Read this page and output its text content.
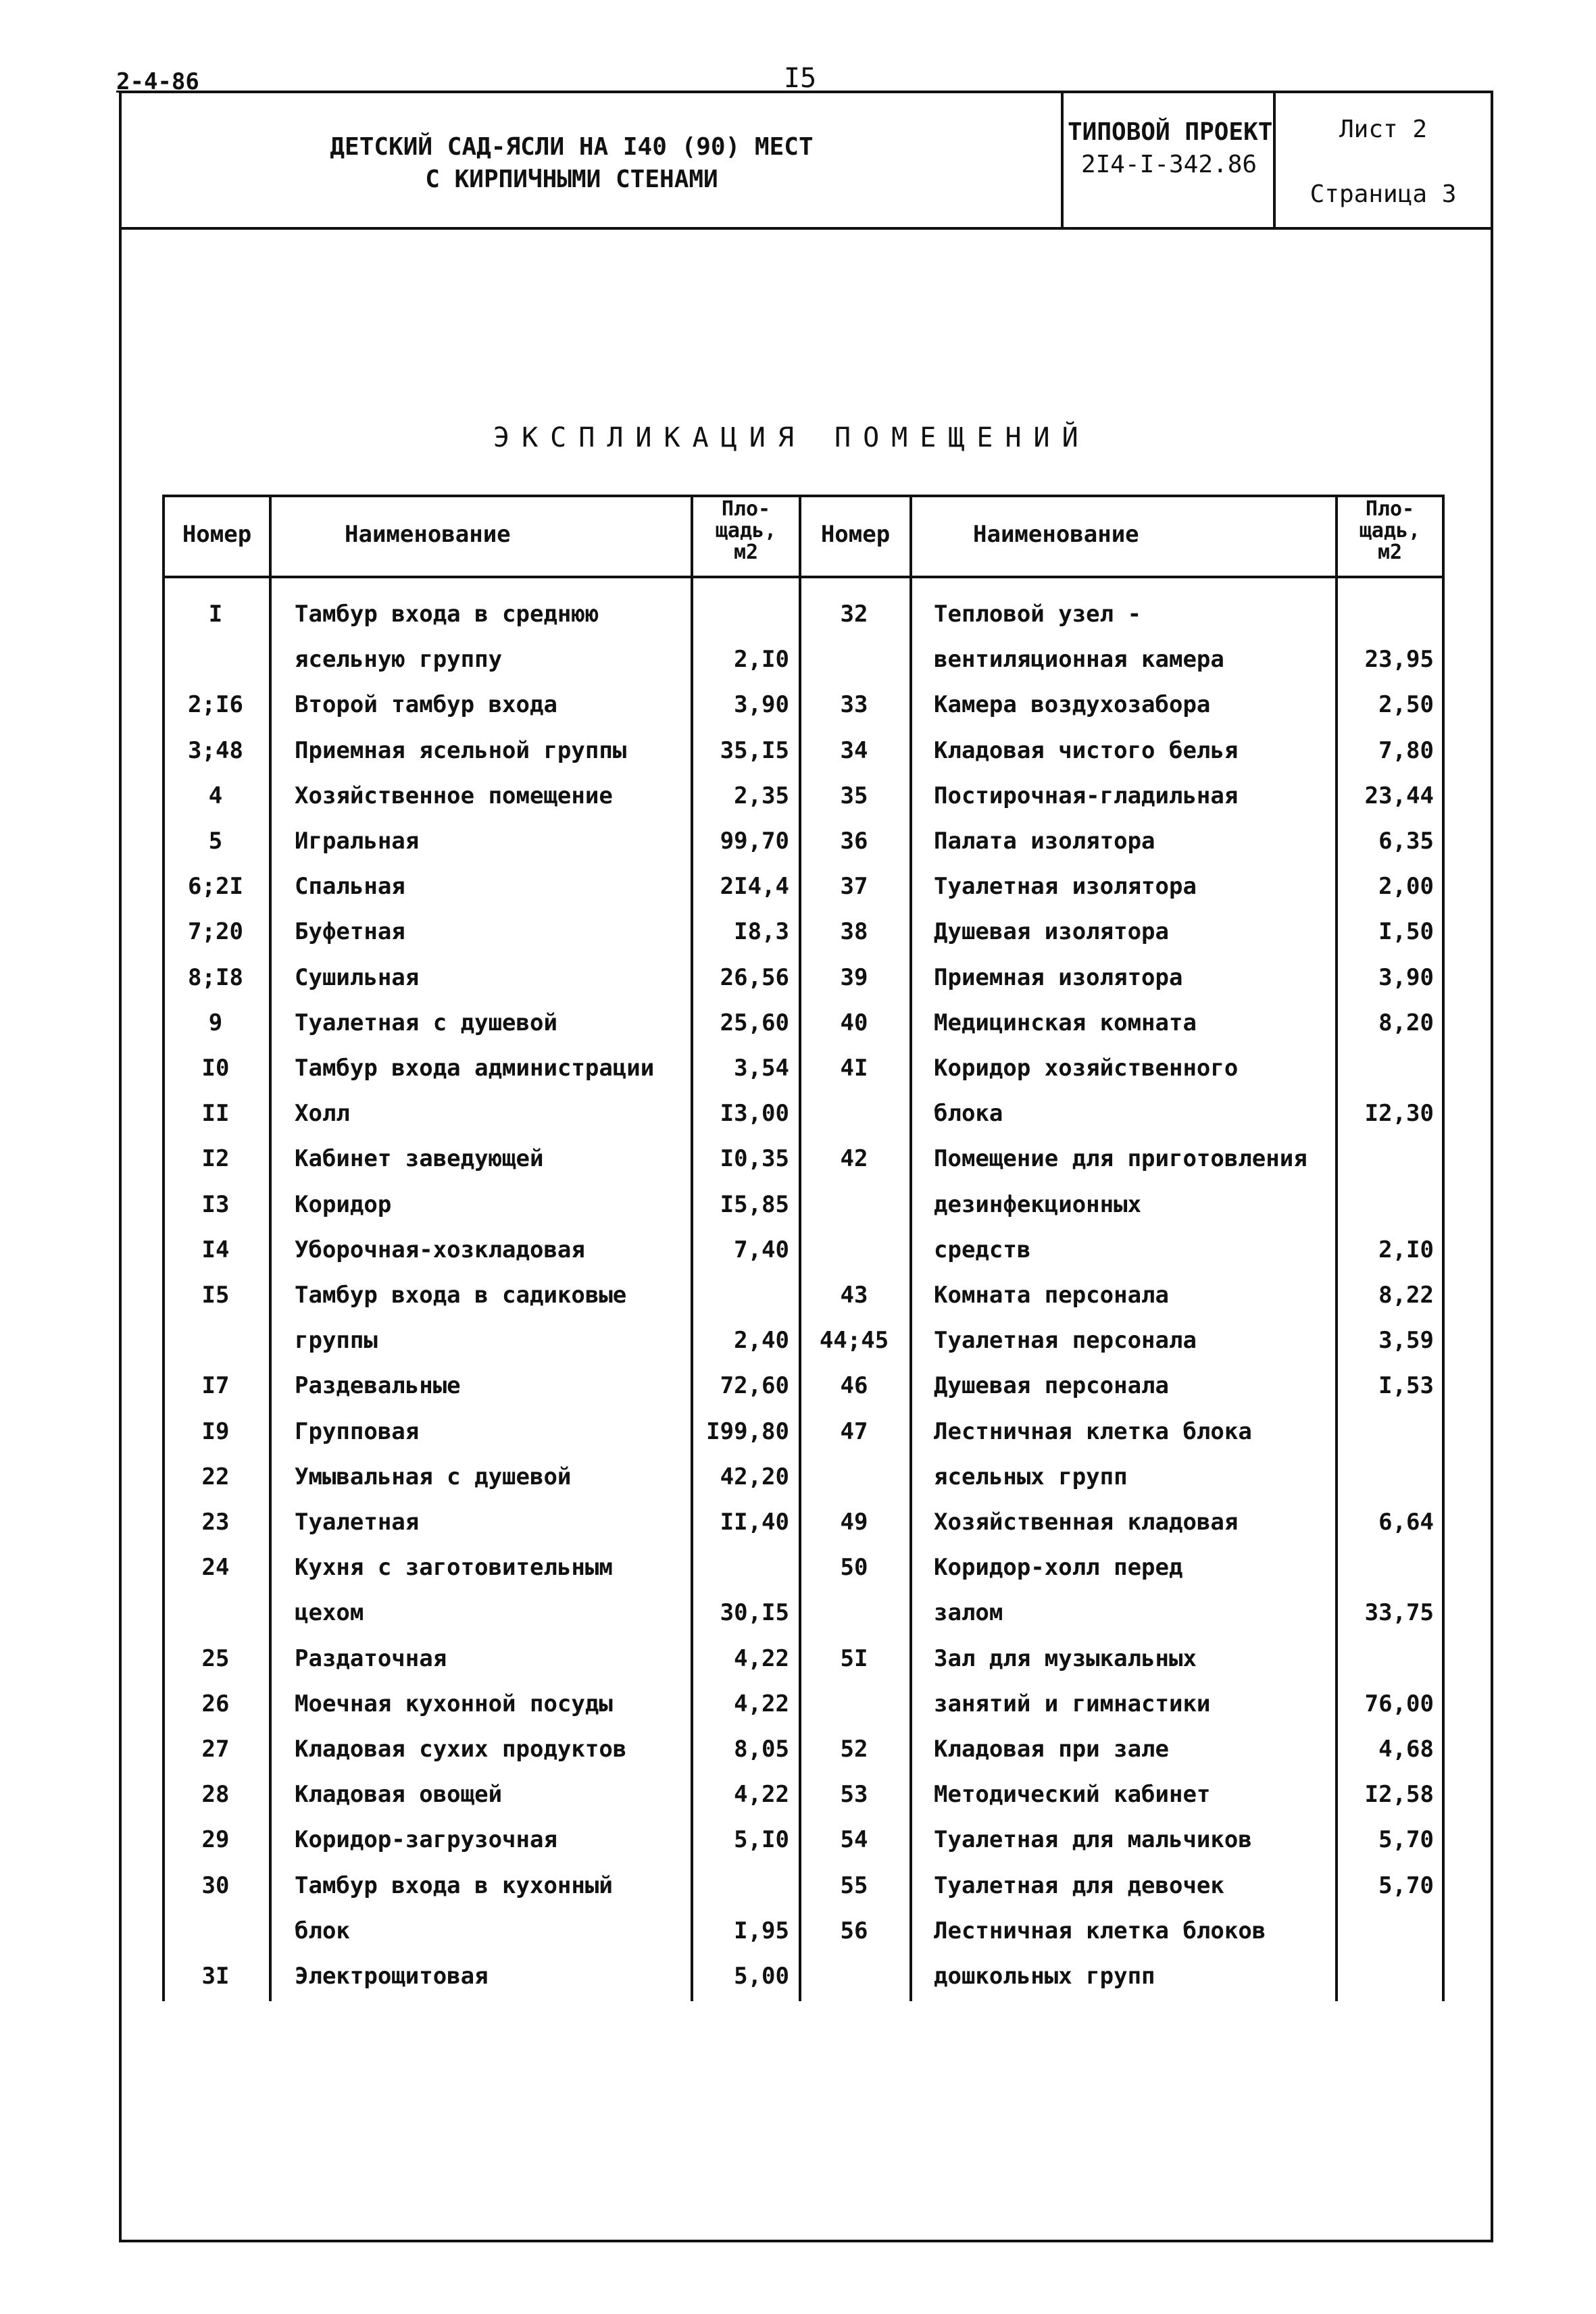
2-4-86	I5
ДЕТСКИЙ САД-ЯСЛИ НА I40 (90) МЕСТ
С КИРПИЧНЫМИ СТЕНАМИ
ТИПОВОЙ ПРОЕКТ
2I4-I-342.86
Лист 2
Страница 3
ЭКСПЛИКАЦИЯ ПОМЕЩЕНИЙ
Номер	Наименование
Пло-
щадь,
м2
Номер	Наименование
Пло-
щадь,
м2
I	Тамбур входа в среднюю
ясельную группу	2,I0
2;I6	Второй тамбур входа	3,90
3;48	Приемная ясельной группы	35,I5
4	Хозяйственное помещение	2,35
5	Игральная	99,70
6;2I	Спальная	2I4,4
7;20	Буфетная	I8,3
8;I8	Сушильная	26,56
9	Туалетная с душевой	25,60
I0	Тамбур входа администрации	3,54
II	Холл	I3,00
I2	Кабинет заведующей	I0,35
I3	Коридор	I5,85
I4	Уборочная-хозкладовая	7,40
I5	Тамбур входа в садиковые
группы	2,40
I7	Раздевальные	72,60
I9	Групповая	I99,80
22	Умывальная с душевой	42,20
23	Туалетная	II,40
24	Кухня с заготовительным
цехом	30,I5
25	Раздаточная	4,22
26	Моечная кухонной посуды	4,22
27	Кладовая сухих продуктов	8,05
28	Кладовая овощей	4,22
29	Коридор-загрузочная	5,I0
30	Тамбур входа в кухонный
блок	I,95
3I	Электрощитовая	5,00
32	Тепловой узел -
вентиляционная камера	23,95
33	Камера воздухозабора	2,50
34	Кладовая чистого белья	7,80
35	Постирочная-гладильная	23,44
36	Палата изолятора	6,35
37	Туалетная изолятора	2,00
38	Душевая изолятора	I,50
39	Приемная изолятора	3,90
40	Медицинская комната	8,20
4I	Коридор хозяйственного
блока	I2,30
42	Помещение для приготовления
дезинфекционных
средств	2,I0
43	Комната персонала	8,22
44;45	Туалетная персонала	3,59
46	Душевая персонала	I,53
47	Лестничная клетка блока
ясельных групп
49	Хозяйственная кладовая	6,64
50	Коридор-холл перед
залом	33,75
5I	Зал для музыкальных
занятий и гимнастики	76,00
52	Кладовая при зале	4,68
53	Методический кабинет	I2,58
54	Туалетная для мальчиков	5,70
55	Туалетная для девочек	5,70
56	Лестничная клетка блоков
дошкольных групп
